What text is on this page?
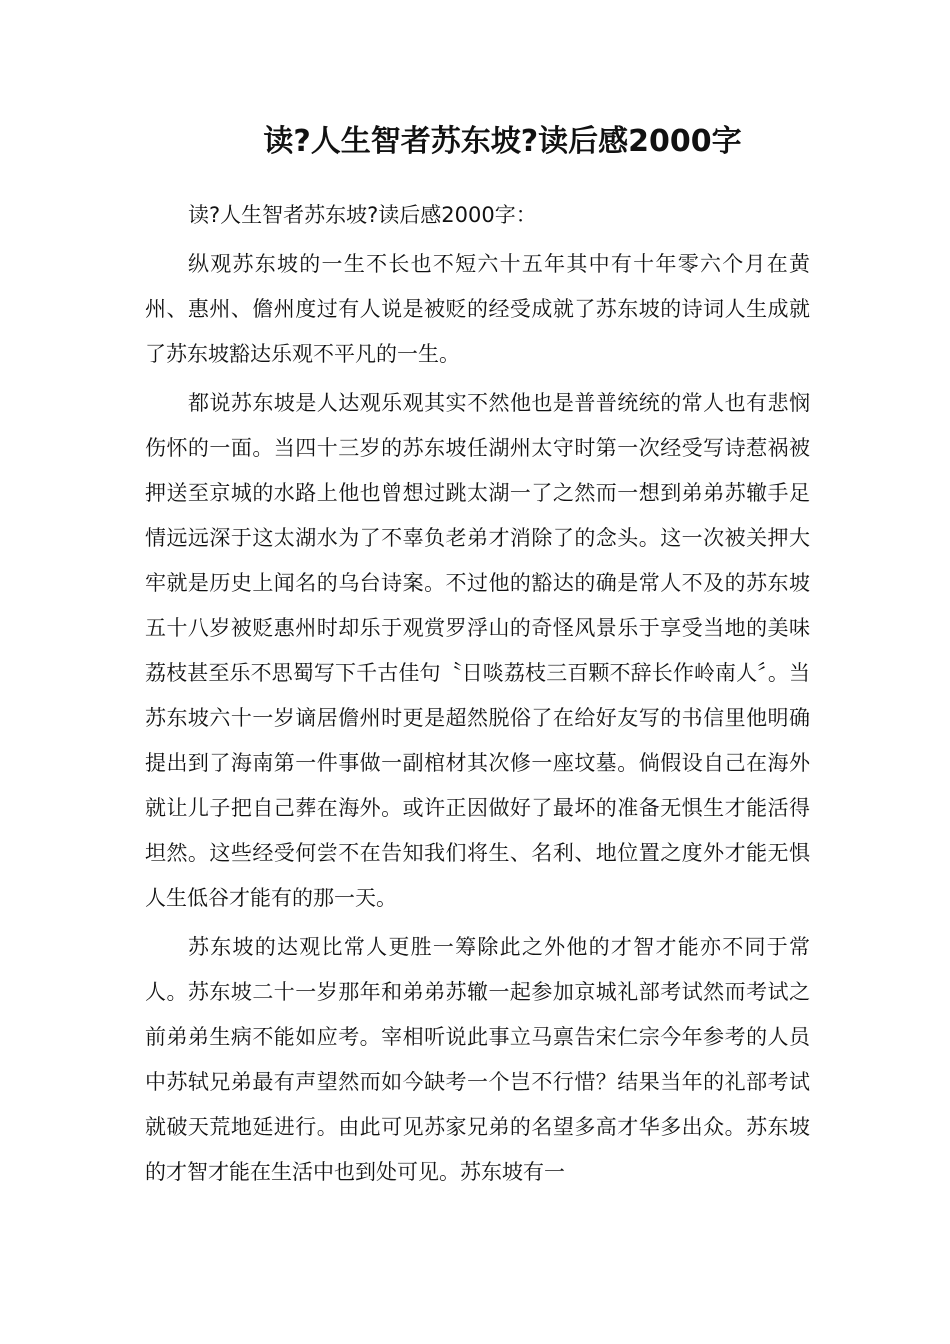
读?人生智者苏东坡?读后感2000字

读?人生智者苏东坡?读后感2000字：

纵观苏东坡的一生不长也不短六十五年其中有十年零六个月在黄州、惠州、儋州度过有人说是被贬的经受成就了苏东坡的诗词人生成就了苏东坡豁达乐观不平凡的一生。

都说苏东坡是人达观乐观其实不然他也是普普统统的常人也有悲悯伤怀的一面。当四十三岁的苏东坡任湖州太守时第一次经受写诗惹祸被押送至京城的水路上他也曾想过跳太湖一了之然而一想到弟弟苏辙手足情远远深于这太湖水为了不辜负老弟才消除了的念头。这一次被关押大牢就是历史上闻名的乌台诗案。不过他的豁达的确是常人不及的苏东坡五十八岁被贬惠州时却乐于观赏罗浮山的奇怪风景乐于享受当地的美味荔枝甚至乐不思蜀写下千古佳句〝日啖荔枝三百颗不辞长作岭南人〞。当苏东坡六十一岁谪居儋州时更是超然脱俗了在给好友写的书信里他明确提出到了海南第一件事做一副棺材其次修一座坟墓。倘假设自己在海外就让儿子把自己葬在海外。或许正因做好了最坏的准备无惧生才能活得坦然。这些经受何尝不在告知我们将生、名利、地位置之度外才能无惧人生低谷才能有的那一天。

苏东坡的达观比常人更胜一筹除此之外他的才智才能亦不同于常人。苏东坡二十一岁那年和弟弟苏辙一起参加京城礼部考试然而考试之前弟弟生病不能如应考。宰相听说此事立马禀告宋仁宗今年参考的人员中苏轼兄弟最有声望然而如今缺考一个岂不行惜？结果当年的礼部考试就破天荒地延进行。由此可见苏家兄弟的名望多高才华多出众。苏东坡的才智才能在生活中也到处可见。苏东坡有一
